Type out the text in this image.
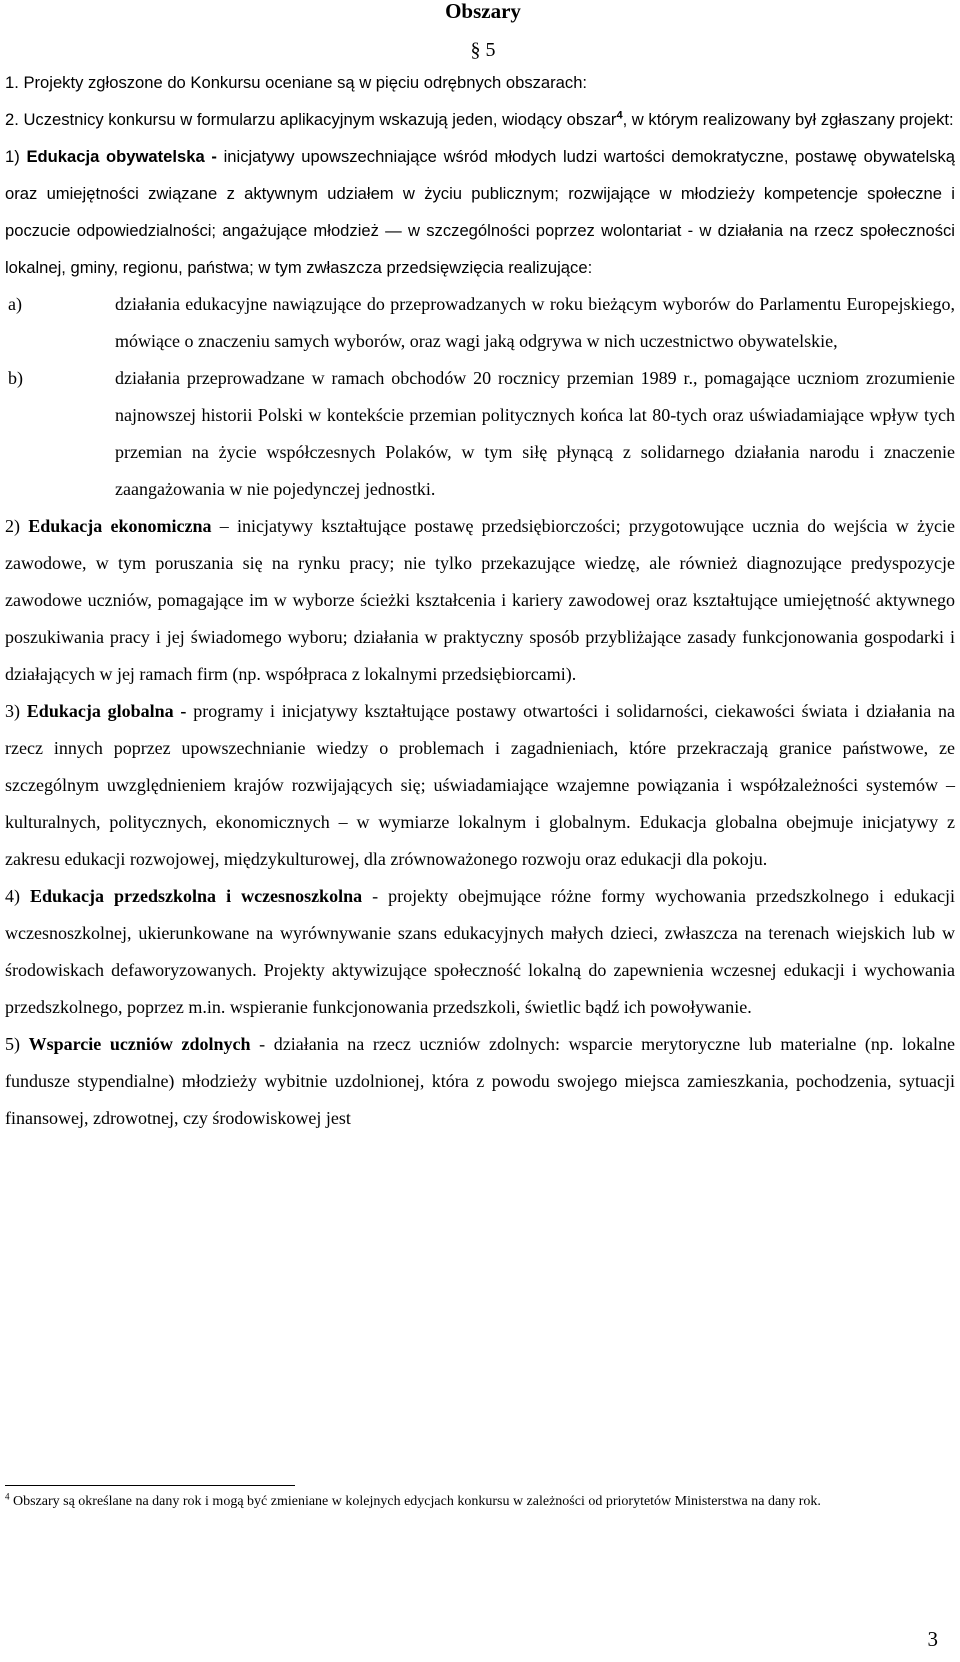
Obszary
§ 5

1. Projekty zgłoszone do Konkursu oceniane są w pięciu odrębnych obszarach:

2. Uczestnicy konkursu w formularzu aplikacyjnym wskazują jeden, wiodący obszar$^4$, w którym realizowany był zgłaszany projekt:

1) Edukacja obywatelska - inicjatywy upowszechniające wśród młodych ludzi wartości demokratyczne, postawę obywatelską oraz umiejętności związane z aktywnym udziałem w życiu publicznym; rozwijające w młodzieży kompetencje społeczne i poczucie odpowiedzialności; angażujące młodzież — w szczególności poprzez wolontariat - w działania na rzecz społeczności lokalnej, gminy, regionu, państwa; w tym zwłaszcza przedsięwzięcia realizujące:

a)	działania edukacyjne nawiązujące do przeprowadzanych w roku bieżącym wyborów do Parlamentu Europejskiego, mówiące o znaczeniu samych wyborów, oraz wagi jaką odgrywa w nich uczestnictwo obywatelskie,

b)	działania przeprowadzane w ramach obchodów 20 rocznicy przemian 1989 r., pomagające uczniom zrozumienie najnowszej historii Polski w kontekście przemian politycznych końca lat 80-tych oraz uświadamiające wpływ tych przemian na życie współczesnych Polaków, w tym siłę płynącą z solidarnego działania narodu i znaczenie zaangażowania w nie pojedynczej jednostki.

2) Edukacja ekonomiczna – inicjatywy kształtujące postawę przedsiębiorczości; przygotowujące ucznia do wejścia w życie zawodowe, w tym poruszania się na rynku pracy; nie tylko przekazujące wiedzę, ale również diagnozujące predyspozycje zawodowe uczniów, pomagające im w wyborze ścieżki kształcenia i kariery zawodowej oraz kształtujące umiejętność aktywnego poszukiwania pracy i jej świadomego wyboru; działania w praktyczny sposób przybliżające zasady funkcjonowania gospodarki i działających w jej ramach firm (np. współpraca z lokalnymi przedsiębiorcami).

3) Edukacja globalna - programy i inicjatywy kształtujące postawy otwartości i solidarności, ciekawości świata i działania na rzecz innych poprzez upowszechnianie wiedzy o problemach i zagadnieniach, które przekraczają granice państwowe, ze szczególnym uwzględnieniem krajów rozwijających się; uświadamiające wzajemne powiązania i współzależności systemów – kulturalnych, politycznych, ekonomicznych – w wymiarze lokalnym i globalnym. Edukacja globalna obejmuje inicjatywy z zakresu edukacji rozwojowej, międzykulturowej, dla zrównoważonego rozwoju oraz edukacji dla pokoju.

4) Edukacja przedszkolna i wczesnoszkolna - projekty obejmujące różne formy wychowania przedszkolnego i edukacji wczesnoszkolnej, ukierunkowane na wyrównywanie szans edukacyjnych małych dzieci, zwłaszcza na terenach wiejskich lub w środowiskach defaworyzowanych. Projekty aktywizujące społeczność lokalną do zapewnienia wczesnej edukacji i wychowania przedszkolnego, poprzez m.in. wspieranie funkcjonowania przedszkoli, świetlic bądź ich powoływanie.

5) Wsparcie uczniów zdolnych - działania na rzecz uczniów zdolnych: wsparcie merytoryczne lub materialne (np. lokalne fundusze stypendialne) młodzieży wybitnie uzdolnionej, która z powodu swojego miejsca zamieszkania, pochodzenia, sytuacji finansowej, zdrowotnej, czy środowiskowej jest

$^4$ Obszary są określane na dany rok i mogą być zmieniane w kolejnych edycjach konkursu w zależności od priorytetów Ministerstwa na dany rok.
3
